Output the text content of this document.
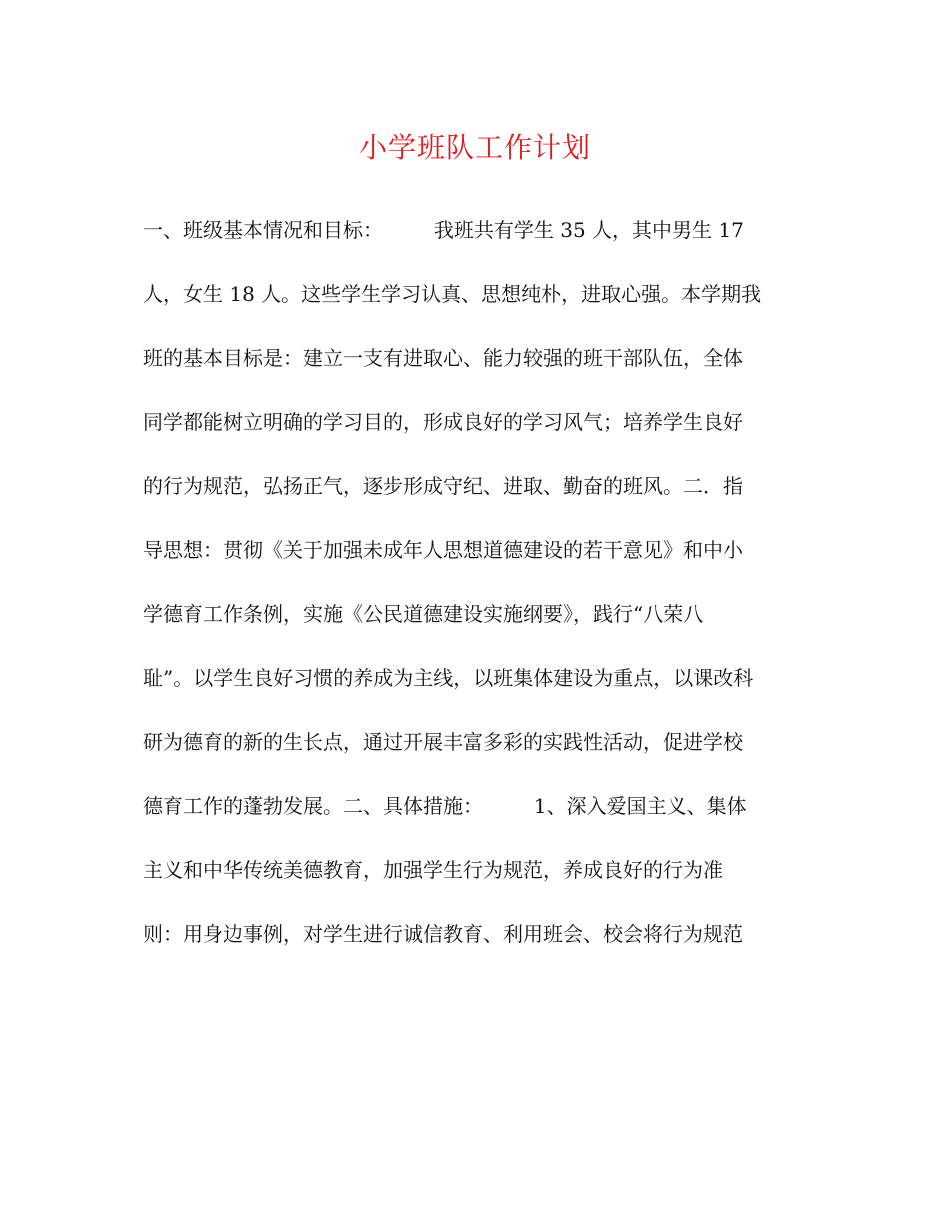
小学班队工作计划
一、班级基本情况和目标：        我班共有学生 35 人，其中男生 17
人，女生 18 人。这些学生学习认真、思想纯朴，进取心强。本学期我
班的基本目标是：建立一支有进取心、能力较强的班干部队伍，全体
同学都能树立明确的学习目的，形成良好的学习风气；培养学生良好
的行为规范，弘扬正气，逐步形成守纪、进取、勤奋的班风。二．指
导思想：贯彻《关于加强未成年人思想道德建设的若干意见》和中小
学德育工作条例，实施《公民道德建设实施纲要》，践行“八荣八
耻”。以学生良好习惯的养成为主线，以班集体建设为重点，以课改科
研为德育的新的生长点，通过开展丰富多彩的实践性活动，促进学校
德育工作的蓬勃发展。二、具体措施：        1、深入爱国主义、集体
主义和中华传统美德教育，加强学生行为规范，养成良好的行为准
则：用身边事例，对学生进行诚信教育、利用班会、校会将行为规范
